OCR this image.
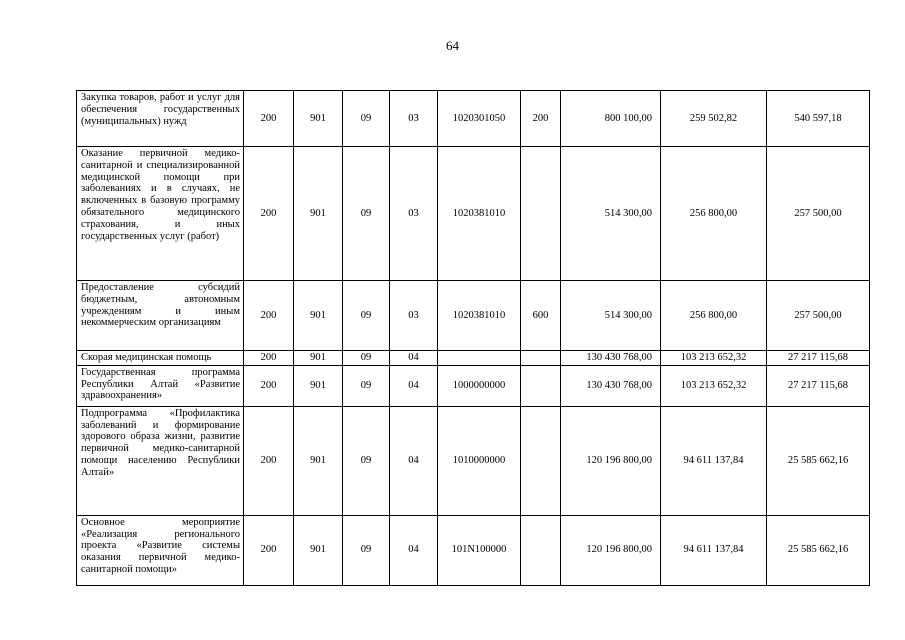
64
Закупка товаров, работ и услуг для обеспечения государственных (муниципальных) нужд	200	901	09	03	1020301050	200	800 100,00	259 502,82	540 597,18
Оказание первичной медико-санитарной и специализированной медицинской помощи при заболеваниях и в случаях, не включенных в базовую программу обязательного медицинского страхования, и иных государственных услуг (работ)	200	901	09	03	1020381010		514 300,00	256 800,00	257 500,00
Предоставление субсидий бюджетным, автономным учреждениям и иным некоммерческим организациям	200	901	09	03	1020381010	600	514 300,00	256 800,00	257 500,00
Скорая медицинская помощь	200	901	09	04			130 430 768,00	103 213 652,32	27 217 115,68
Государственная программа Республики Алтай «Развитие здравоохранения»	200	901	09	04	1000000000		130 430 768,00	103 213 652,32	27 217 115,68
Подпрограмма «Профилактика заболеваний и формирование здорового образа жизни, развитие первичной медико-санитарной помощи населению Республики Алтай»	200	901	09	04	1010000000		120 196 800,00	94 611 137,84	25 585 662,16
Основное мероприятие «Реализация регионального проекта «Развитие системы оказания первичной медико-санитарной помощи»	200	901	09	04	101N100000		120 196 800,00	94 611 137,84	25 585 662,16
